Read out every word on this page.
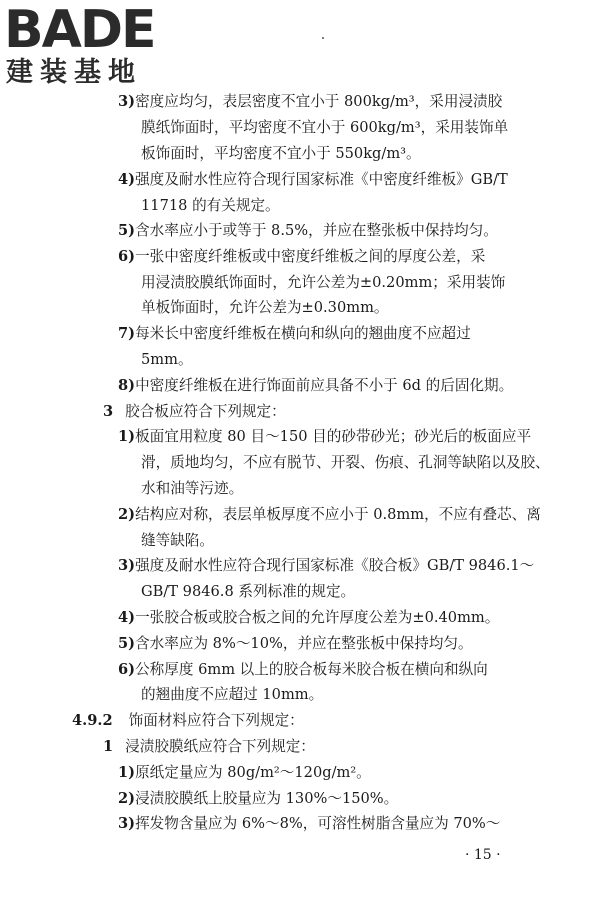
BADE
建装基地
3)密度应均匀，表层密度不宜小于 800kg/m³，采用浸渍胶
膜纸饰面时，平均密度不宜小于 600kg/m³，采用装饰单
板饰面时，平均密度不宜小于 550kg/m³。
4)强度及耐水性应符合现行国家标准《中密度纤维板》GB/T
11718 的有关规定。
5)含水率应小于或等于 8.5%，并应在整张板中保持均匀。
6)一张中密度纤维板或中密度纤维板之间的厚度公差，采
用浸渍胶膜纸饰面时，允许公差为±0.20mm；采用装饰
单板饰面时，允许公差为±0.30mm。
7)每米长中密度纤维板在横向和纵向的翘曲度不应超过
5mm。
8)中密度纤维板在进行饰面前应具备不小于 6d 的后固化期。
3 胶合板应符合下列规定：
1)板面宜用粒度 80 目～150 目的砂带砂光；砂光后的板面应平
滑，质地均匀，不应有脱节、开裂、伤痕、孔洞等缺陷以及胶、
水和油等污迹。
2)结构应对称，表层单板厚度不应小于 0.8mm，不应有叠芯、离
缝等缺陷。
3)强度及耐水性应符合现行国家标准《胶合板》GB/T 9846.1～
GB/T 9846.8 系列标准的规定。
4)一张胶合板或胶合板之间的允许厚度公差为±0.40mm。
5)含水率应为 8%～10%，并应在整张板中保持均匀。
6)公称厚度 6mm 以上的胶合板每米胶合板在横向和纵向
的翘曲度不应超过 10mm。
4.9.2 饰面材料应符合下列规定：
1 浸渍胶膜纸应符合下列规定：
1)原纸定量应为 80g/m²～120g/m²。
2)浸渍胶膜纸上胶量应为 130%～150%。
3)挥发物含量应为 6%～8%，可溶性树脂含量应为 70%～
· 15 ·
